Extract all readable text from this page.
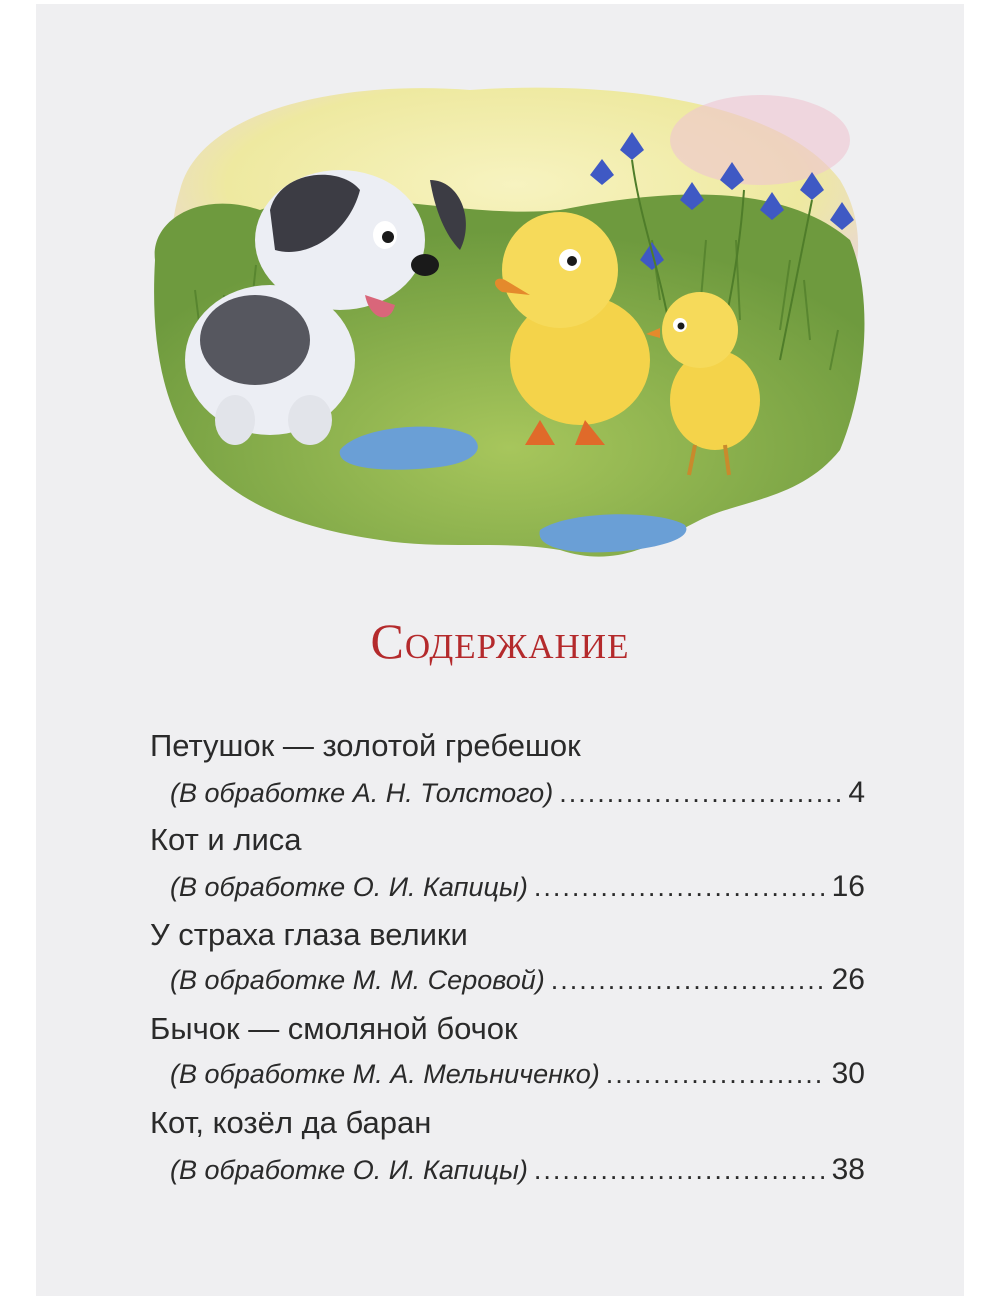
Содержание
Петушок — золотой гребешок
(В обработке А. Н. Толстого) .....	4
Кот и лиса
(В обработке О. И. Капицы) .....	16
У страха глаза велики
(В обработке М. М. Серовой) .....	26
Бычок — смоляной бочок
(В обработке М. А. Мельниченко) .....	30
Кот, козёл да баран
(В обработке О. И. Капицы) .....	38
